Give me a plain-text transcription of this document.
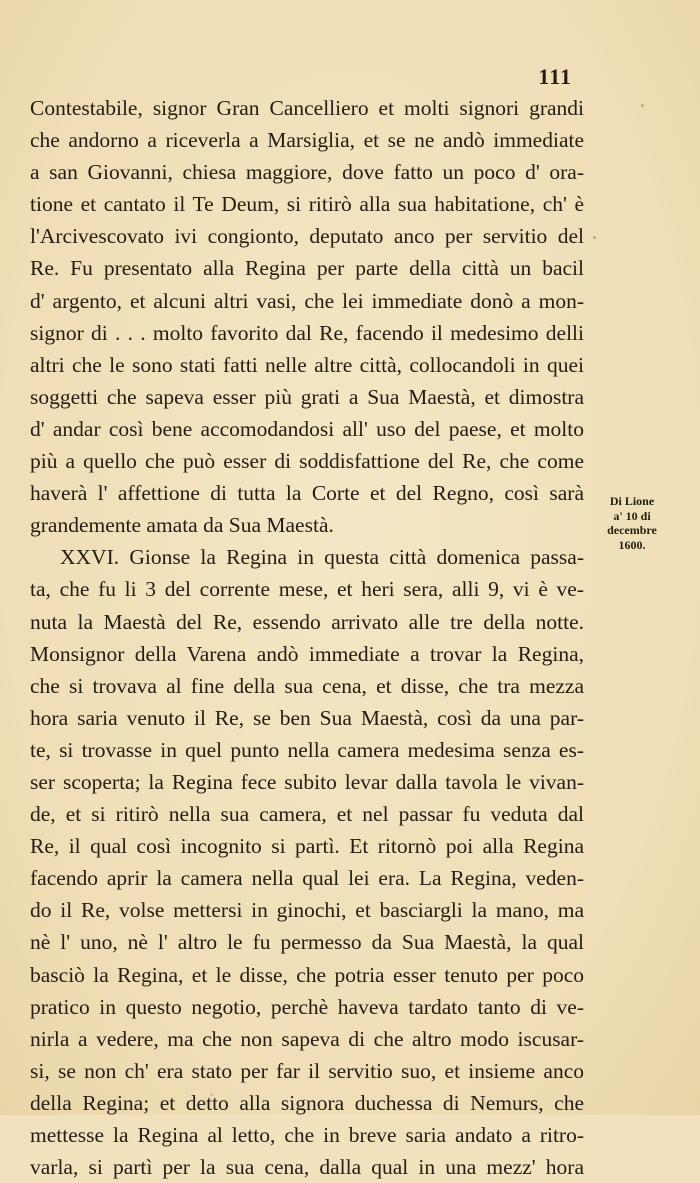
111
Contestabile, signor Gran Cancelliero et molti signori grandi
che andorno a riceverla a Marsiglia, et se ne andò immediate
a san Giovanni, chiesa maggiore, dove fatto un poco d' ora-
tione et cantato il Te Deum, si ritirò alla sua habitatione, ch' è
l'Arcivescovato ivi congionto, deputato anco per servitio del
Re. Fu presentato alla Regina per parte della città un bacil
d' argento, et alcuni altri vasi, che lei immediate donò a mon-
signor di . . . molto favorito dal Re, facendo il medesimo delli
altri che le sono stati fatti nelle altre città, collocandoli in quei
soggetti che sapeva esser più grati a Sua Maestà, et dimostra
d' andar così bene accomodandosi all' uso del paese, et molto
più a quello che può esser di soddisfattione del Re, che come
haverà l' affettione di tutta la Corte et del Regno, così sarà
grandemente amata da Sua Maestà.
XXVI. Gionse la Regina in questa città domenica passa-
ta, che fu li 3 del corrente mese, et heri sera, alli 9, vi è ve-
nuta la Maestà del Re, essendo arrivato alle tre della notte.
Monsignor della Varena andò immediate a trovar la Regina,
che si trovava al fine della sua cena, et disse, che tra mezza
hora saria venuto il Re, se ben Sua Maestà, così da una par-
te, si trovasse in quel punto nella camera medesima senza es-
ser scoperta; la Regina fece subito levar dalla tavola le vivan-
de, et si ritirò nella sua camera, et nel passar fu veduta dal
Re, il qual così incognito si partì. Et ritornò poi alla Regina
facendo aprir la camera nella qual lei era. La Regina, veden-
do il Re, volse mettersi in ginochi, et basciargli la mano, ma
nè l' uno, nè l' altro le fu permesso da Sua Maestà, la qual
basciò la Regina, et le disse, che potria esser tenuto per poco
pratico in questo negotio, perchè haveva tardato tanto di ve-
nirla a vedere, ma che non sapeva di che altro modo iscusar-
si, se non ch' era stato per far il servitio suo, et insieme anco
della Regina; et detto alla signora duchessa di Nemurs, che
mettesse la Regina al letto, che in breve saria andato a ritro-
varla, si partì per la sua cena, dalla qual in una mezz' hora
Di Lione
a' 10 di
decembre
1600.
